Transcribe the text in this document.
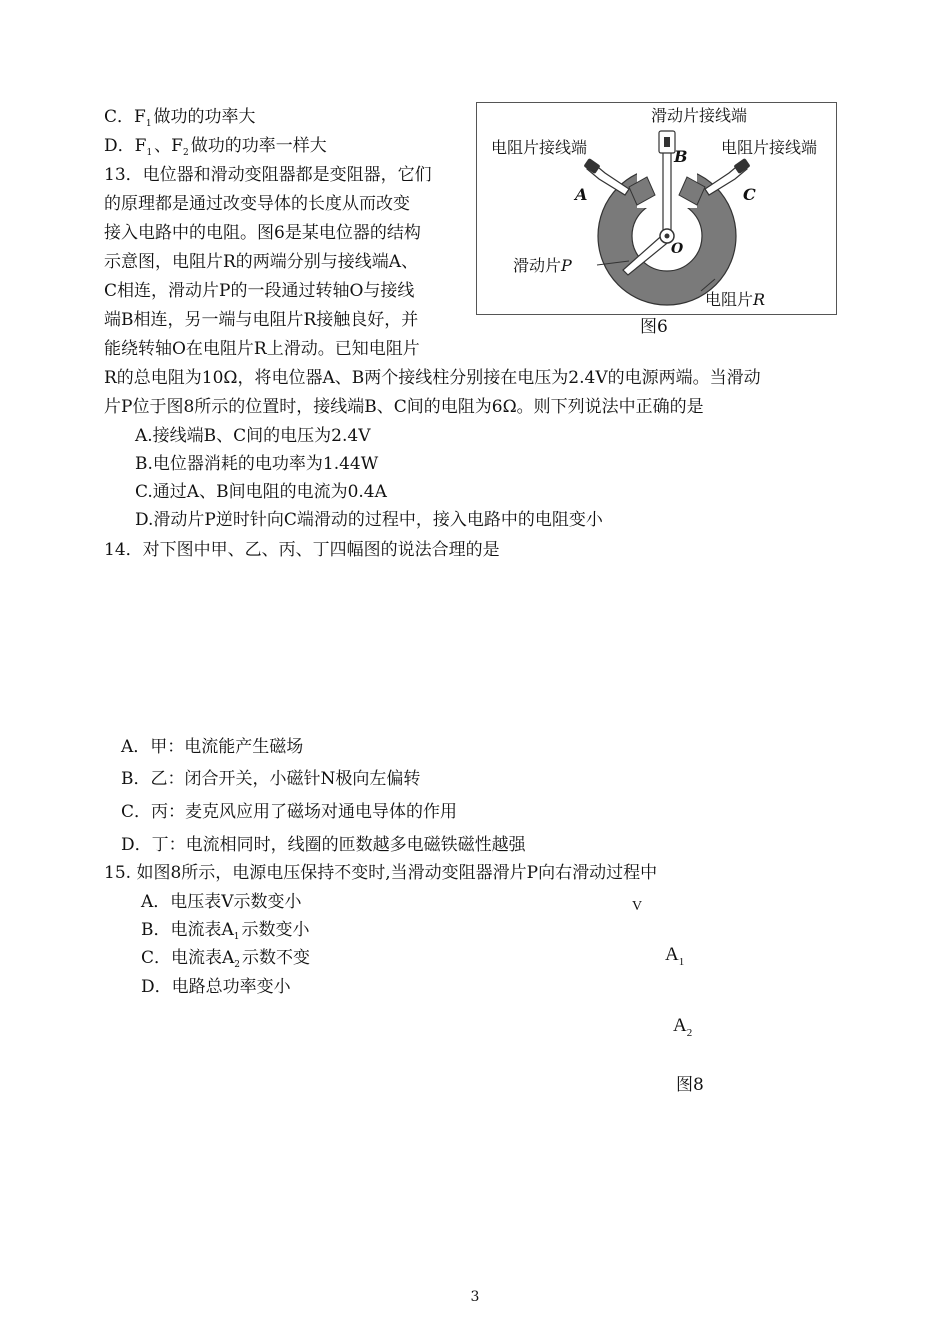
C．$F_1$ 做功的功率大
D．$F_1$ 、$F_2$ 做功的功率一样大
13．电位器和滑动变阻器都是变阻器，它们
的原理都是通过改变导体的长度从而改变
接入电路中的电阻。图6是某电位器的结构
示意图，电阻片R的两端分别与接线端A、
C相连，滑动片P的一段通过转轴O与接线
端B相连，另一端与电阻片R接触良好，并
能绕转轴O在电阻片R上滑动。已知电阻片
R的总电阻为10Ω，将电位器A、B两个接线柱分别接在电压为2.4V的电源两端。当滑动
片P位于图8所示的位置时，接线端B、C间的电阻为6Ω。则下列说法中正确的是
A.接线端B、C间的电压为2.4V
B.电位器消耗的电功率为1.44W
C.通过A、B间电阻的电流为0.4A
D.滑动片P逆时针向C端滑动的过程中，接入电路中的电阻变小
滑动片接线端
电阻片接线端	电阻片接线端
B
A	C
O
滑动片P
电阻片R
图6
14．对下图中甲、乙、丙、丁四幅图的说法合理的是
A．甲：电流能产生磁场
B．乙：闭合开关，小磁针N极向左偏转
C．丙：麦克风应用了磁场对通电导体的作用
D．丁：电流相同时，线圈的匝数越多电磁铁磁性越强
15. 如图8所示，电源电压保持不变时,当滑动变阻器滑片P向右滑动过程中
A．电压表V示数变小
B．电流表$A_1$ 示数变小
C．电流表$A_2$ 示数不变
D．电路总功率变小
V
$A_1$
$A_2$
图8
3
